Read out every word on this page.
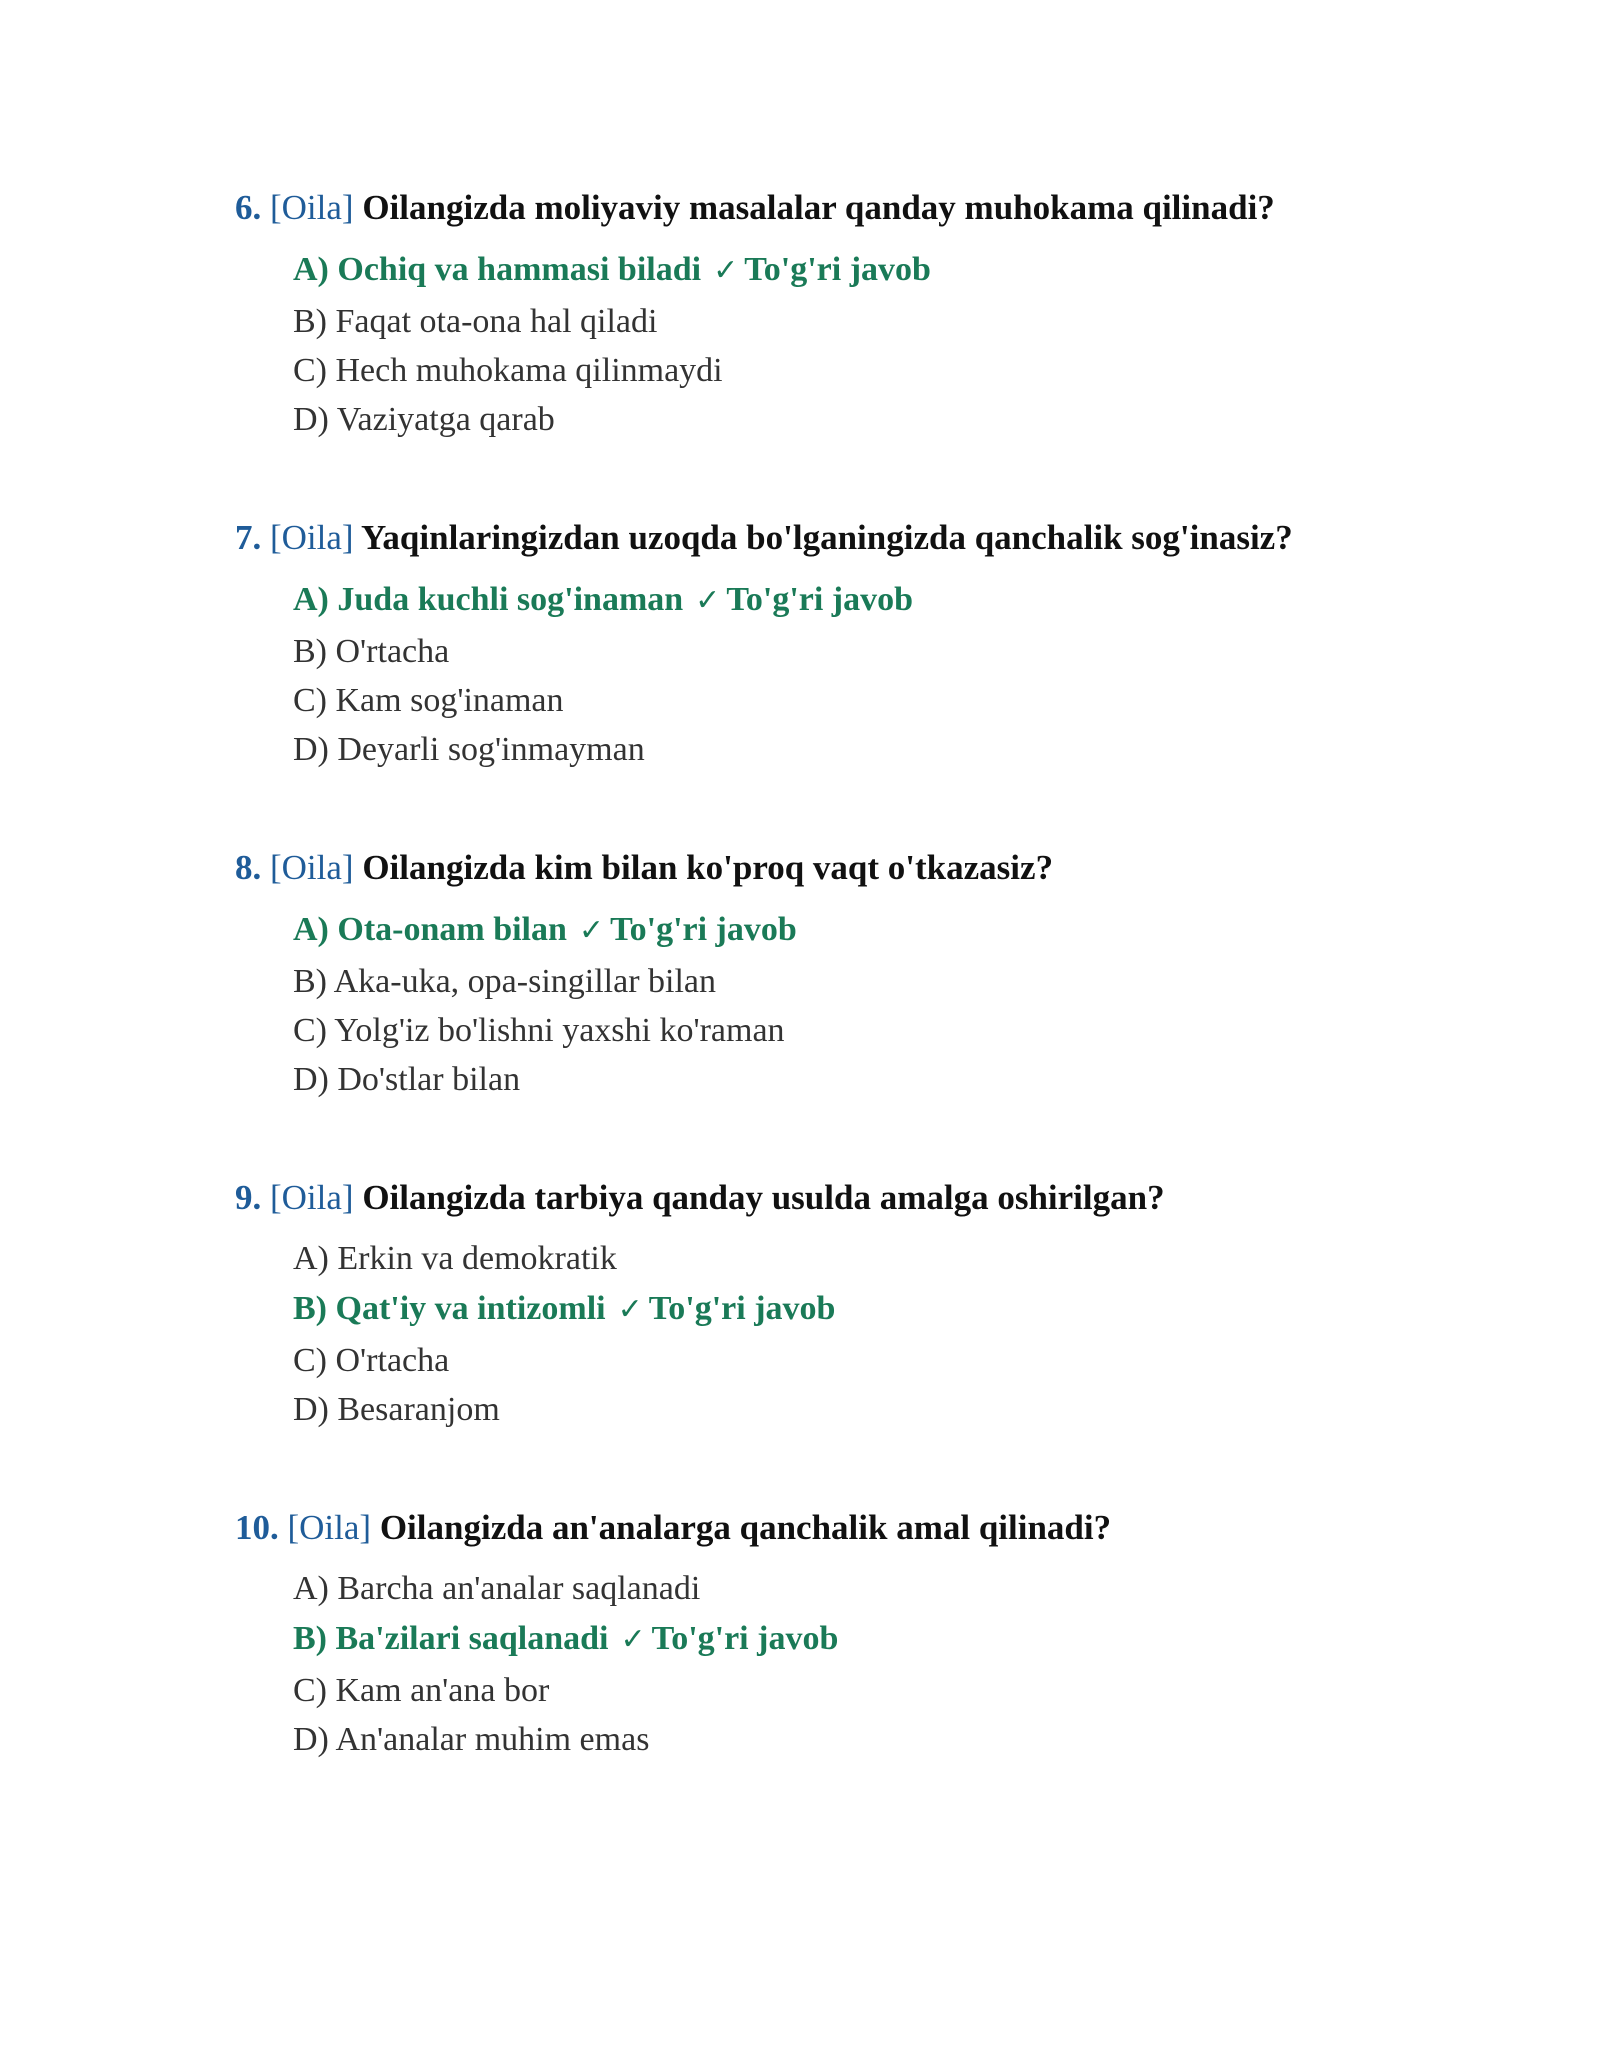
6. [Oila] Oilangizda moliyaviy masalalar qanday muhokama qilinadi?
A) Ochiq va hammasi biladi ✓ To'g'ri javob
B) Faqat ota-ona hal qiladi
C) Hech muhokama qilinmaydi
D) Vaziyatga qarab
7. [Oila] Yaqinlaringizdan uzoqda bo'lganingizda qanchalik sog'inasiz?
A) Juda kuchli sog'inaman ✓ To'g'ri javob
B) O'rtacha
C) Kam sog'inaman
D) Deyarli sog'inmayman
8. [Oila] Oilangizda kim bilan ko'proq vaqt o'tkazasiz?
A) Ota-onam bilan ✓ To'g'ri javob
B) Aka-uka, opa-singillar bilan
C) Yolg'iz bo'lishni yaxshi ko'raman
D) Do'stlar bilan
9. [Oila] Oilangizda tarbiya qanday usulda amalga oshirilgan?
A) Erkin va demokratik
B) Qat'iy va intizomli ✓ To'g'ri javob
C) O'rtacha
D) Besaranjom
10. [Oila] Oilangizda an'analarga qanchalik amal qilinadi?
A) Barcha an'analar saqlanadi
B) Ba'zilari saqlanadi ✓ To'g'ri javob
C) Kam an'ana bor
D) An'analar muhim emas
